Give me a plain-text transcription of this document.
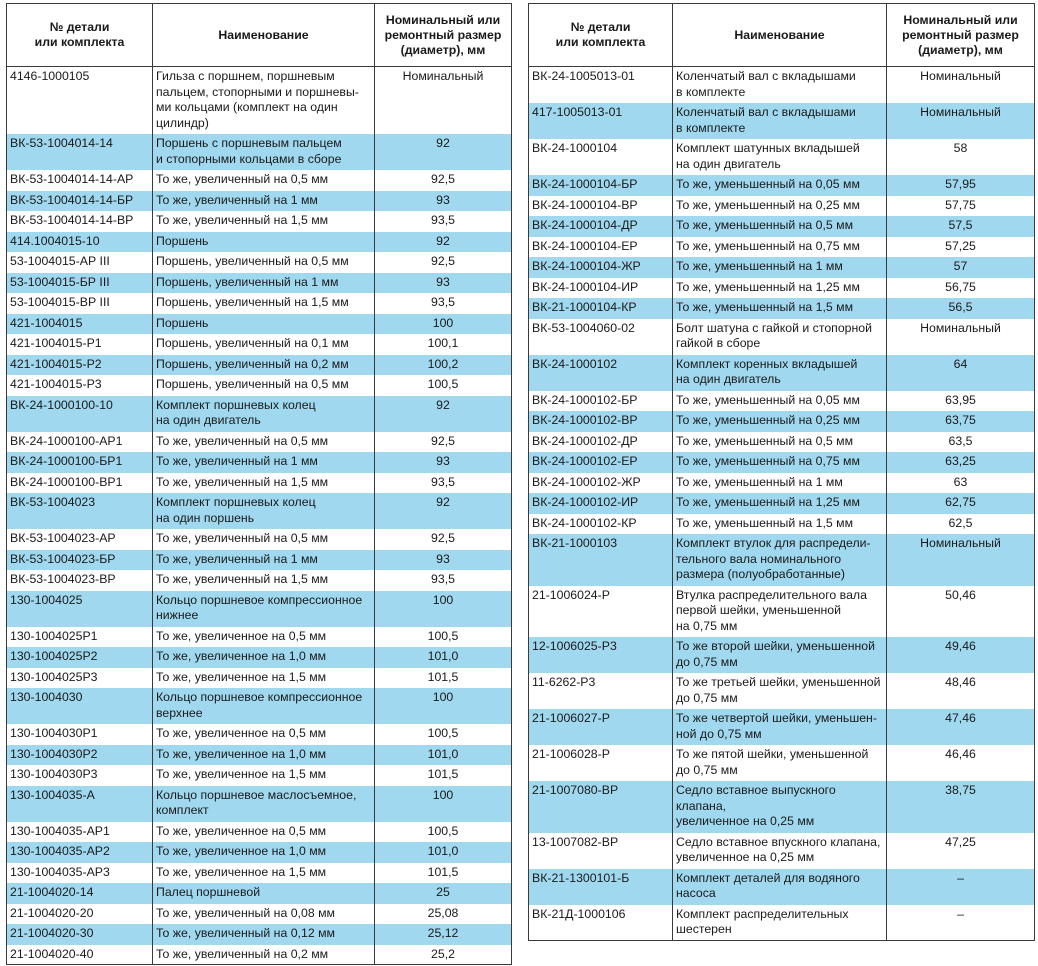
№ детали
или комплекта	Наименование	Номинальный или
ремонтный размер
(диаметр), мм
4146-1000105	Гильза с поршнем, поршневым
пальцем, стопорными и поршневы-
ми кольцами (комплект на один
цилиндр)	Номинальный
ВК-53-1004014-14	Поршень с поршневым пальцем
и стопорными кольцами в сборе	92
ВК-53-1004014-14-АР	То же, увеличенный на 0,5 мм	92,5
ВК-53-1004014-14-БР	То же, увеличенный на 1 мм	93
ВК-53-1004014-14-ВР	То же, увеличенный на 1,5 мм	93,5
414.1004015-10	Поршень	92
53-1004015-АР III	Поршень, увеличенный на 0,5 мм	92,5
53-1004015-БР III	Поршень, увеличенный на 1 мм	93
53-1004015-ВР III	Поршень, увеличенный на 1,5 мм	93,5
421-1004015	Поршень	100
421-1004015-Р1	Поршень, увеличенный на 0,1 мм	100,1
421-1004015-Р2	Поршень, увеличенный на 0,2 мм	100,2
421-1004015-Р3	Поршень, увеличенный на 0,5 мм	100,5
ВК-24-1000100-10	Комплект поршневых колец
на один двигатель	92
ВК-24-1000100-АР1	То же, увеличенный на 0,5 мм	92,5
ВК-24-1000100-БР1	То же, увеличенный на 1 мм	93
ВК-24-1000100-ВР1	То же, увеличенный на 1,5 мм	93,5
ВК-53-1004023	Комплект поршневых колец
на один поршень	92
ВК-53-1004023-АР	То же, увеличенный на 0,5 мм	92,5
ВК-53-1004023-БР	То же, увеличенный на 1 мм	93
ВК-53-1004023-ВР	То же, увеличенный на 1,5 мм	93,5
130-1004025	Кольцо поршневое компрессионное
нижнее	100
130-1004025Р1	То же, увеличенное на 0,5 мм	100,5
130-1004025Р2	То же, увеличенное на 1,0 мм	101,0
130-1004025Р3	То же, увеличенное на 1,5 мм	101,5
130-1004030	Кольцо поршневое компрессионное
верхнее	100
130-1004030Р1	То же, увеличенное на 0,5 мм	100,5
130-1004030Р2	То же, увеличенное на 1,0 мм	101,0
130-1004030Р3	То же, увеличенное на 1,5 мм	101,5
130-1004035-А	Кольцо поршневое маслосъемное,
комплект	100
130-1004035-АР1	То же, увеличенное на 0,5 мм	100,5
130-1004035-АР2	То же, увеличенное на 1,0 мм	101,0
130-1004035-АР3	То же, увеличенное на 1,5 мм	101,5
21-1004020-14	Палец поршневой	25
21-1004020-20	То же, увеличенный на 0,08 мм	25,08
21-1004020-30	То же, увеличенный на 0,12 мм	25,12
21-1004020-40	То же, увеличенный на 0,2 мм	25,2
№ детали
или комплекта	Наименование	Номинальный или
ремонтный размер
(диаметр), мм
ВК-24-1005013-01	Коленчатый вал с вкладышами
в комплекте	Номинальный
417-1005013-01	Коленчатый вал с вкладышами
в комплекте	Номинальный
ВК-24-1000104	Комплект шатунных вкладышей
на один двигатель	58
ВК-24-1000104-БР	То же, уменьшенный на 0,05 мм	57,95
ВК-24-1000104-ВР	То же, уменьшенный на 0,25 мм	57,75
ВК-24-1000104-ДР	То же, уменьшенный на 0,5 мм	57,5
ВК-24-1000104-ЕР	То же, уменьшенный на 0,75 мм	57,25
ВК-24-1000104-ЖР	То же, уменьшенный на 1 мм	57
ВК-24-1000104-ИР	То же, уменьшенный на 1,25 мм	56,75
ВК-21-1000104-КР	То же, уменьшенный на 1,5 мм	56,5
ВК-53-1004060-02	Болт шатуна с гайкой и стопорной
гайкой в сборе	Номинальный
ВК-24-1000102	Комплект коренных вкладышей
на один двигатель	64
ВК-24-1000102-БР	То же, уменьшенный на 0,05 мм	63,95
ВК-24-1000102-ВР	То же, уменьшенный на 0,25 мм	63,75
ВК-24-1000102-ДР	То же, уменьшенный на 0,5 мм	63,5
ВК-24-1000102-ЕР	То же, уменьшенный на 0,75 мм	63,25
ВК-24-1000102-ЖР	То же, уменьшенный на 1 мм	63
ВК-24-1000102-ИР	То же, уменьшенный на 1,25 мм	62,75
ВК-24-1000102-КР	То же, уменьшенный на 1,5 мм	62,5
ВК-21-1000103	Комплект втулок для распредели-
тельного вала номинального
размера (полуобработанные)	Номинальный
21-1006024-Р	Втулка распределительного вала
первой шейки, уменьшенной
на 0,75 мм	50,46
12-1006025-Р3	То же второй шейки, уменьшенной
до 0,75 мм	49,46
11-6262-Р3	То же третьей шейки, уменьшенной
до 0,75 мм	48,46
21-1006027-Р	То же четвертой шейки, уменьшен-
ной до 0,75 мм	47,46
21-1006028-Р	То же пятой шейки, уменьшенной
до 0,75 мм	46,46
21-1007080-ВР	Седло вставное выпускного клапана,
увеличенное на 0,25 мм	38,75
13-1007082-ВР	Седло вставное впускного клапана,
увеличенное на 0,25 мм	47,25
ВК-21-1300101-Б	Комплект деталей для водяного
насоса	–
ВК-21Д-1000106	Комплект распределительных
шестерен	–
